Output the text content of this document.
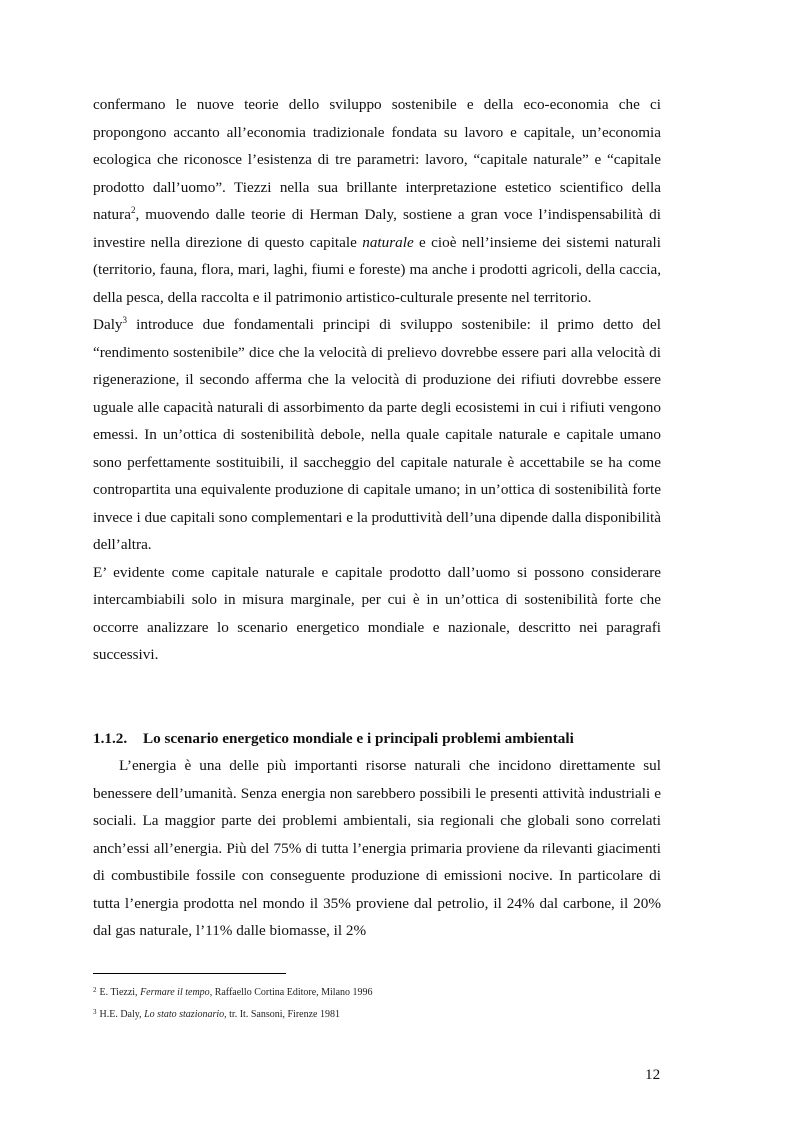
confermano le nuove teorie dello sviluppo sostenibile e della eco-economia che ci propongono accanto all’economia tradizionale fondata su lavoro e capitale, un’economia ecologica che riconosce l’esistenza di tre parametri: lavoro, “capitale naturale” e “capitale prodotto dall’uomo”. Tiezzi nella sua brillante interpretazione estetico scientifico della natura$^2$, muovendo dalle teorie di Herman Daly, sostiene a gran voce l’indispensabilità di investire nella direzione di questo capitale naturale e cioè nell’insieme dei sistemi naturali (territorio, fauna, flora, mari, laghi, fiumi e foreste) ma anche i prodotti agricoli, della caccia, della pesca, della raccolta e il patrimonio artistico-culturale presente nel territorio.

Daly$^3$ introduce due fondamentali principi di sviluppo sostenibile: il primo detto del “rendimento sostenibile” dice che la velocità di prelievo dovrebbe essere pari alla velocità di rigenerazione, il secondo afferma che la velocità di produzione dei rifiuti dovrebbe essere uguale alle capacità naturali di assorbimento da parte degli ecosistemi in cui i rifiuti vengono emessi. In un’ottica di sostenibilità debole, nella quale capitale naturale e capitale umano sono perfettamente sostituibili, il saccheggio del capitale naturale è accettabile se ha come contropartita una equivalente produzione di capitale umano; in un’ottica di sostenibilità forte invece i due capitali sono complementari e la produttività dell’una dipende dalla disponibilità dell’altra.

E’ evidente come capitale naturale e capitale prodotto dall’uomo si possono considerare intercambiabili solo in misura marginale, per cui è in un’ottica di sostenibilità forte che occorre analizzare lo scenario energetico mondiale e nazionale, descritto nei paragrafi successivi.

1.1.2. Lo scenario energetico mondiale e i principali problemi ambientali

L’energia è una delle più importanti risorse naturali che incidono direttamente sul benessere dell’umanità. Senza energia non sarebbero possibili le presenti attività industriali e sociali. La maggior parte dei problemi ambientali, sia regionali che globali sono correlati anch’essi all’energia. Più del 75% di tutta l’energia primaria proviene da rilevanti giacimenti di combustibile fossile con conseguente produzione di emissioni nocive. In particolare di tutta l’energia prodotta nel mondo il 35% proviene dal petrolio, il 24% dal carbone, il 20% dal gas naturale, l’11% dalle biomasse, il 2%

$^2$ E. Tiezzi, Fermare il tempo, Raffaello Cortina Editore, Milano 1996
$^3$ H.E. Daly, Lo stato stazionario, tr. It. Sansoni, Firenze 1981
12
